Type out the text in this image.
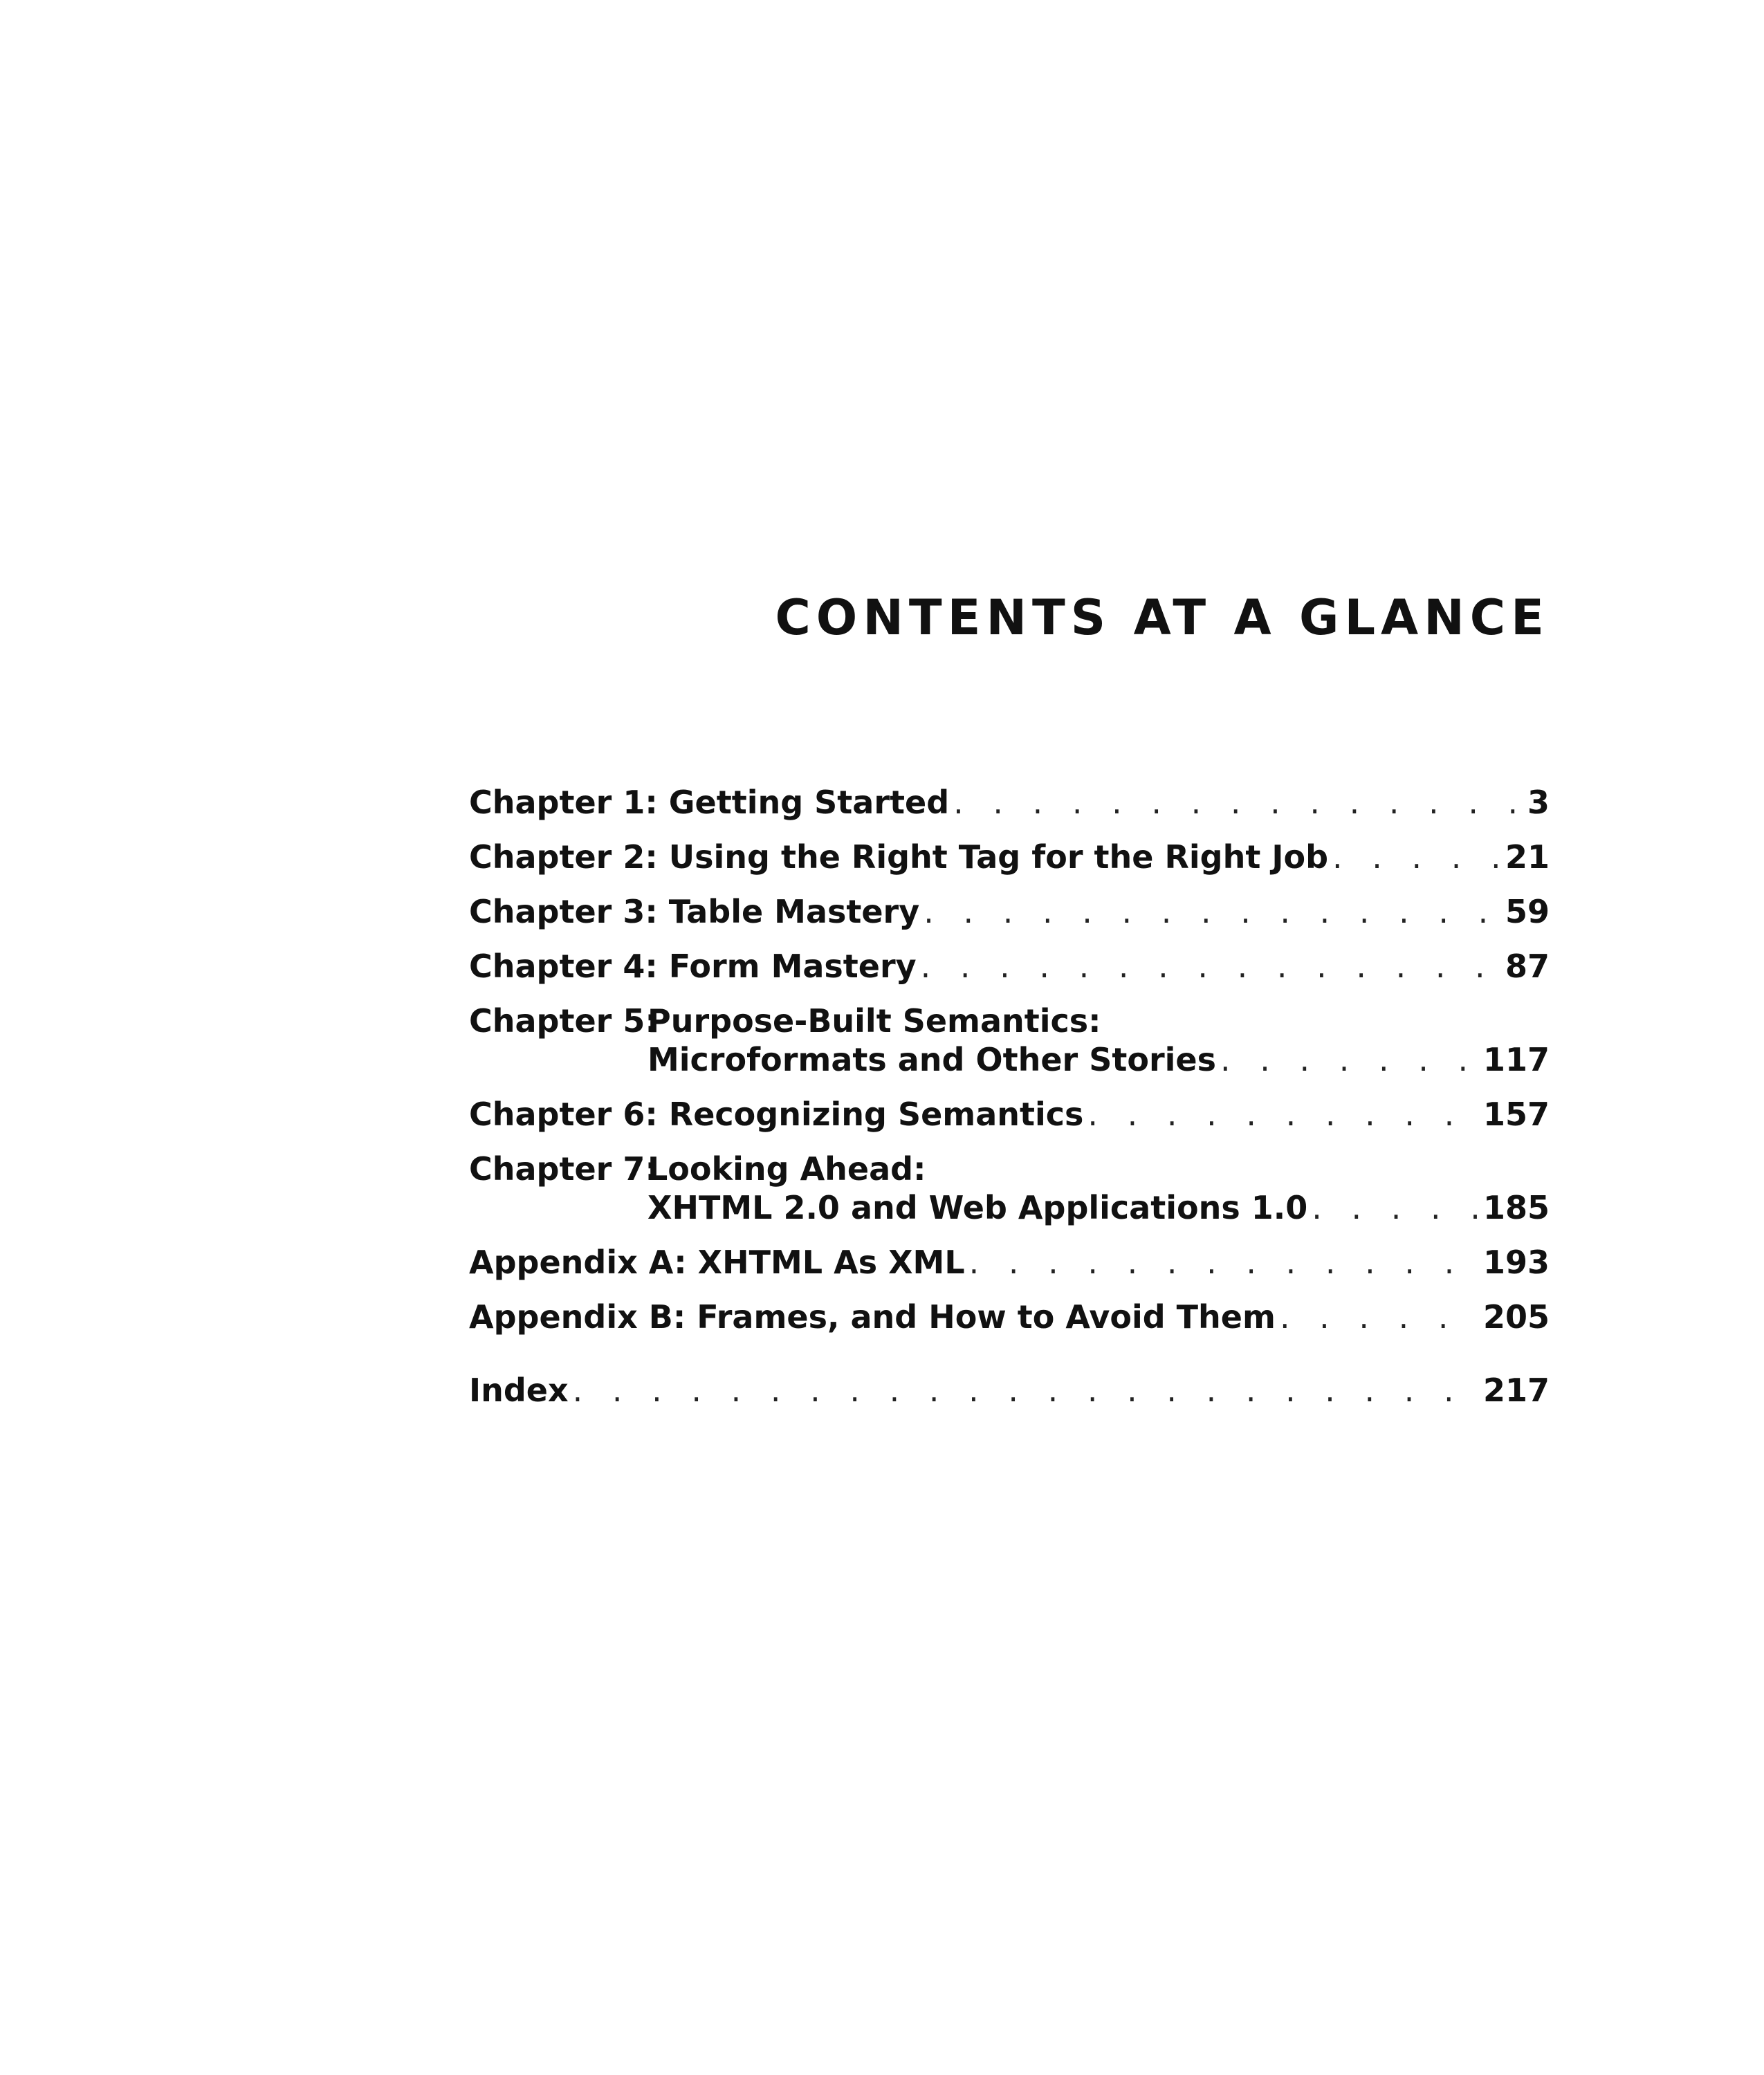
CONTENTS AT A GLANCE
Chapter 1: Getting Started . . .	3
Chapter 2: Using the Right Tag for the Right Job . . .	21
Chapter 3: Table Mastery . . .	59
Chapter 4: Form Mastery . . .	87
Chapter 5:
Purpose-Built Semantics:
Microformats and Other Stories . . .	117
Chapter 6: Recognizing Semantics . . .	157
Chapter 7:
Looking Ahead:
XHTML 2.0 and Web Applications 1.0 . . .	185
Appendix A: XHTML As XML . . .	193
Appendix B: Frames, and How to Avoid Them . . .	205
Index . . .	217
